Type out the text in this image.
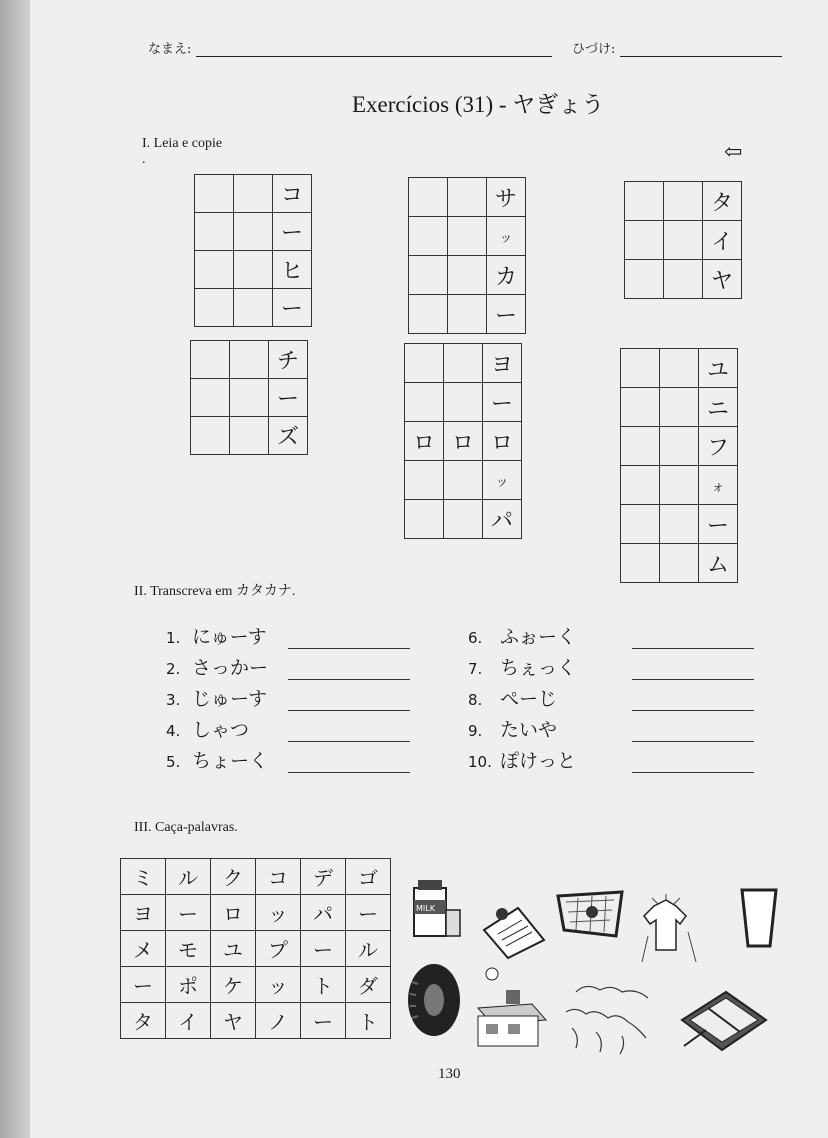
なまえ:	ひづけ:
Exercícios (31) - ヤぎょう
I. Leia e copie
.	⇦
		コ
		ー
		ヒ
		ー
		サ
		ッ
		カ
		ー
		タ
		イ
		ヤ
		チ
		ー
		ズ
		ヨ
		ー
ロ	ロ	ロ
		ッ
		パ
		ユ
		ニ
		フ
		ォ
		ー
		ム
II. Transcreva em カタカナ.
1. にゅーす
2. さっかー
3. じゅーす
4. しゃつ
5. ちょーく
6. ふぉーく
7. ちぇっく
8. ぺーじ
9. たいや
10. ぽけっと
III. Caça-palavras.
ミ	ル	ク	コ	デ	ゴ
ヨ	ー	ロ	ッ	パ	ー
メ	モ	ユ	プ	ー	ル
ー	ポ	ケ	ッ	ト	ダ
タ	イ	ヤ	ノ	ー	ト
MILK
130
